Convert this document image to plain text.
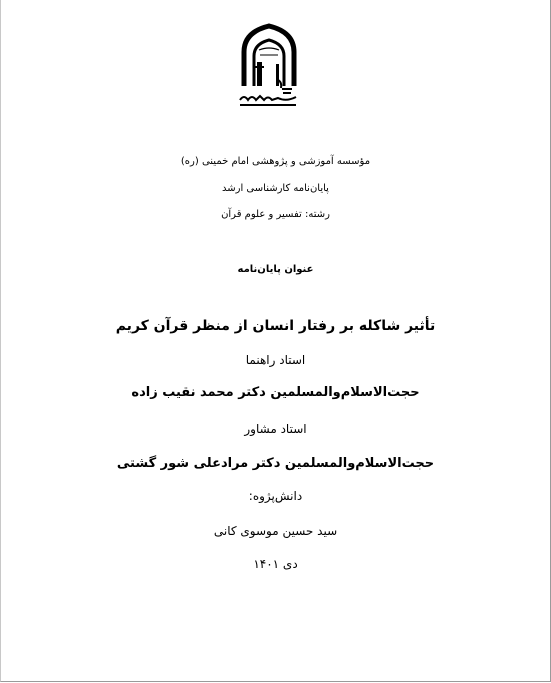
مؤسسه آموزشی و پژوهشی امام خمینی (ره)
پایان‌نامه کارشناسی ارشد
رشته: تفسیر و علوم قرآن
عنوان پایان‌نامه
تأثیر شاکله بر رفتار انسان از منظر قرآن کریم
استاد راهنما
حجت‌الاسلام‌والمسلمین دکتر محمد نقیب زاده
استاد مشاور
حجت‌الاسلام‌والمسلمین دکتر مرادعلی شور گشتی
دانش‌پژوه:
سید حسین موسوی کانی
دی ۱۴۰۱
